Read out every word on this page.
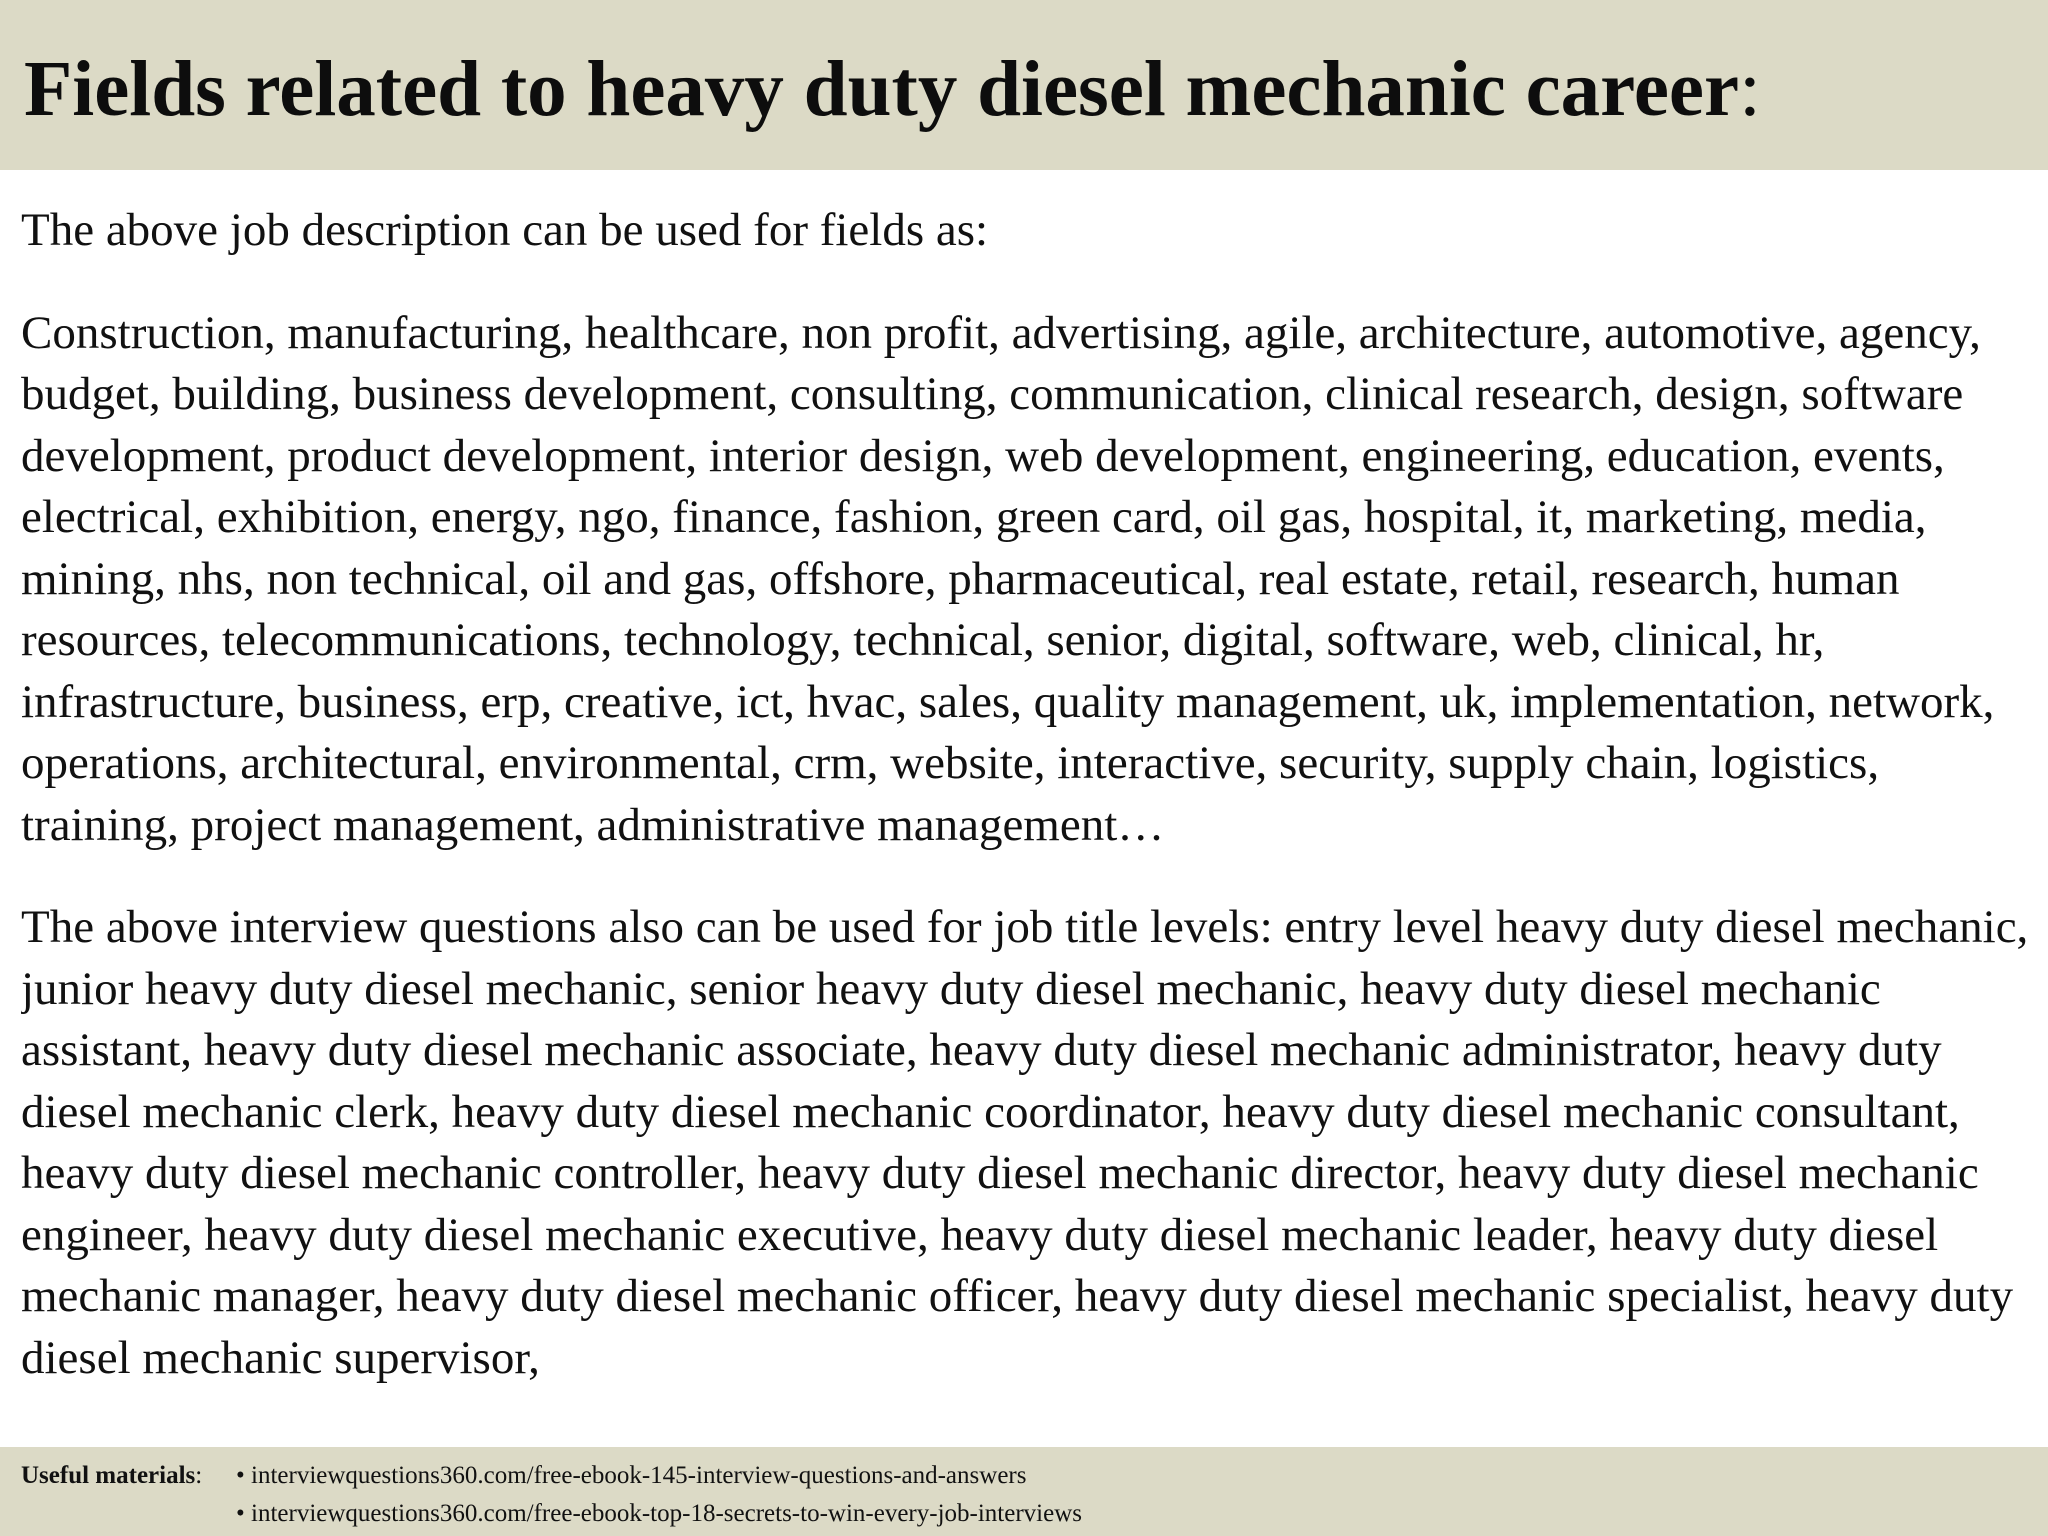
Fields related to heavy duty diesel mechanic career:

The above job description can be used for fields as:

Construction, manufacturing, healthcare, non profit, advertising, agile, architecture, automotive, agency, budget, building, business development, consulting, communication, clinical research, design, software development, product development, interior design, web development, engineering, education, events, electrical, exhibition, energy, ngo, finance, fashion, green card, oil gas, hospital, it, marketing, media, mining, nhs, non technical, oil and gas, offshore, pharmaceutical, real estate, retail, research, human resources, telecommunications, technology, technical, senior, digital, software, web, clinical, hr, infrastructure, business, erp, creative, ict, hvac, sales, quality management, uk, implementation, network, operations, architectural, environmental, crm, website, interactive, security, supply chain, logistics, training, project management, administrative management…

The above interview questions also can be used for job title levels: entry level heavy duty diesel mechanic, junior heavy duty diesel mechanic, senior heavy duty diesel mechanic, heavy duty diesel mechanic assistant, heavy duty diesel mechanic associate, heavy duty diesel mechanic administrator, heavy duty diesel mechanic clerk, heavy duty diesel mechanic coordinator, heavy duty diesel mechanic consultant, heavy duty diesel mechanic controller, heavy duty diesel mechanic director, heavy duty diesel mechanic engineer, heavy duty diesel mechanic executive, heavy duty diesel mechanic leader, heavy duty diesel mechanic manager, heavy duty diesel mechanic officer, heavy duty diesel mechanic specialist, heavy duty diesel mechanic supervisor,

Useful materials: • interviewquestions360.com/free-ebook-145-interview-questions-and-answers
• interviewquestions360.com/free-ebook-top-18-secrets-to-win-every-job-interviews
